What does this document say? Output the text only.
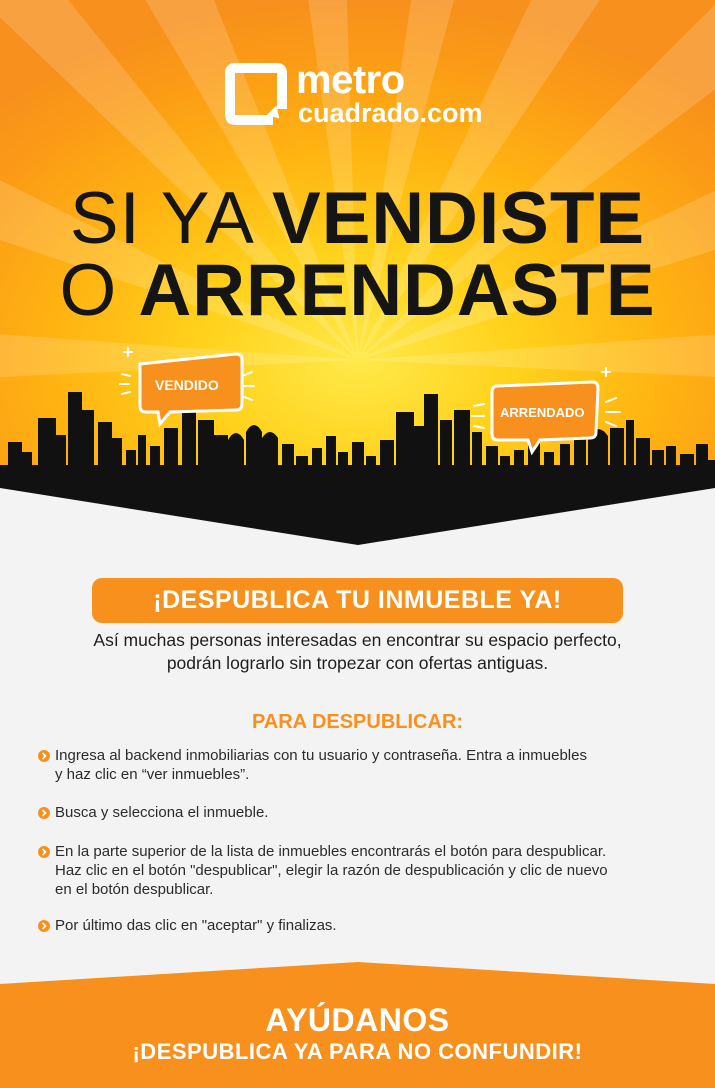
metro
cuadrado.com
SI YA VENDISTE
O ARRENDASTE
VENDIDO
ARRENDADO
¡DESPUBLICA TU INMUEBLE YA!
Así muchas personas interesadas en encontrar su espacio perfecto,
podrán lograrlo sin tropezar con ofertas antiguas.
PARA DESPUBLICAR:
Ingresa al backend inmobiliarias con tu usuario y contraseña. Entra a inmuebles
y haz clic en “ver inmuebles”.
Busca y selecciona el inmueble.
En la parte superior de la lista de inmuebles encontrarás el botón para despublicar.
Haz clic en el botón "despublicar", elegir la razón de despublicación y clic de nuevo
en el botón despublicar.
Por último das clic en "aceptar" y finalizas.
AYÚDANOS
¡DESPUBLICA YA PARA NO CONFUNDIR!
